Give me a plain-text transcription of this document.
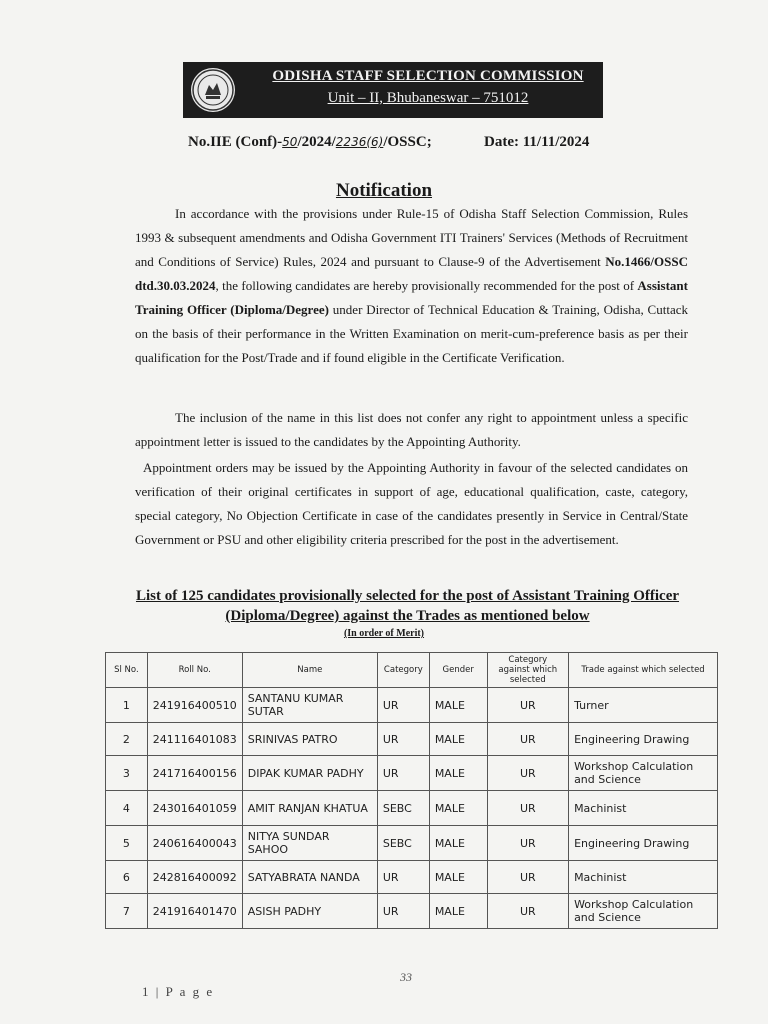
ODISHA STAFF SELECTION COMMISSION
Unit – II, Bhubaneswar – 751012
No.IIE (Conf)-50/2024/2236(6)/OSSC;	Date: 11/11/2024
Notification
In accordance with the provisions under Rule-15 of Odisha Staff Selection Commission, Rules 1993 & subsequent amendments and Odisha Government ITI Trainers' Services (Methods of Recruitment and Conditions of Service) Rules, 2024 and pursuant to Clause-9 of the Advertisement No.1466/OSSC dtd.30.03.2024, the following candidates are hereby provisionally recommended for the post of Assistant Training Officer (Diploma/Degree) under Director of Technical Education & Training, Odisha, Cuttack on the basis of their performance in the Written Examination on merit-cum-preference basis as per their qualification for the Post/Trade and if found eligible in the Certificate Verification.
The inclusion of the name in this list does not confer any right to appointment unless a specific appointment letter is issued to the candidates by the Appointing Authority.
Appointment orders may be issued by the Appointing Authority in favour of the selected candidates on verification of their original certificates in support of age, educational qualification, caste, category, special category, No Objection Certificate in case of the candidates presently in Service in Central/State Government or PSU and other eligibility criteria prescribed for the post in the advertisement.
List of 125 candidates provisionally selected for the post of Assistant Training Officer (Diploma/Degree) against the Trades as mentioned below
(In order of Merit)
Sl No.	Roll No.	Name	Category	Gender	Category against which selected	Trade against which selected
1	241916400510	SANTANU KUMAR SUTAR	UR	MALE	UR	Turner
2	241116401083	SRINIVAS PATRO	UR	MALE	UR	Engineering Drawing
3	241716400156	DIPAK KUMAR PADHY	UR	MALE	UR	Workshop Calculation and Science
4	243016401059	AMIT RANJAN KHATUA	SEBC	MALE	UR	Machinist
5	240616400043	NITYA SUNDAR SAHOO	SEBC	MALE	UR	Engineering Drawing
6	242816400092	SATYABRATA NANDA	UR	MALE	UR	Machinist
7	241916401470	ASISH PADHY	UR	MALE	UR	Workshop Calculation and Science
33
1 | P a g e
